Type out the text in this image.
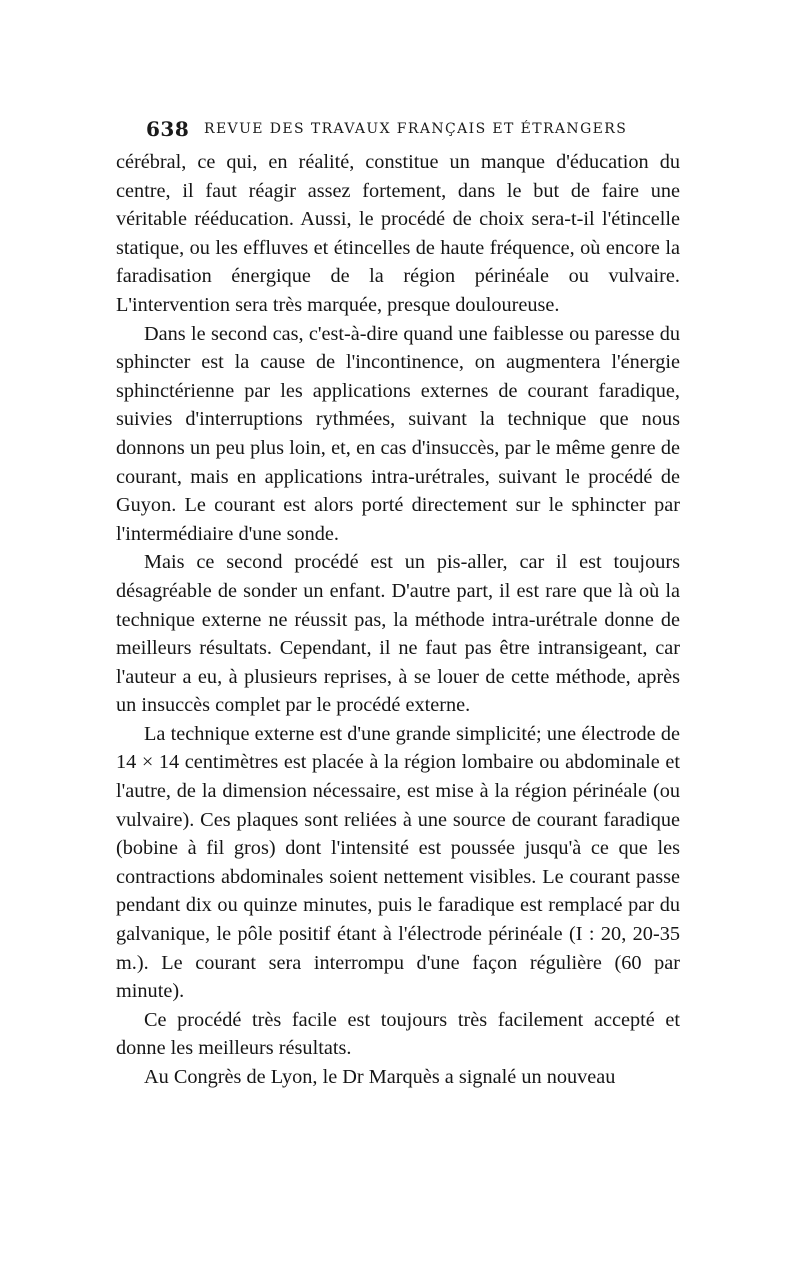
638 REVUE DES TRAVAUX FRANÇAIS ET ÉTRANGERS

cérébral, ce qui, en réalité, constitue un manque d'éducation du centre, il faut réagir assez fortement, dans le but de faire une véritable rééducation. Aussi, le procédé de choix sera-t-il l'étincelle statique, ou les effluves et étincelles de haute fréquence, où encore la faradisation énergique de la région périnéale ou vulvaire. L'intervention sera très marquée, presque douloureuse.

Dans le second cas, c'est-à-dire quand une faiblesse ou paresse du sphincter est la cause de l'incontinence, on augmentera l'énergie sphinctérienne par les applications externes de courant faradique, suivies d'interruptions rythmées, suivant la technique que nous donnons un peu plus loin, et, en cas d'insuccès, par le même genre de courant, mais en applications intra-urétrales, suivant le procédé de Guyon. Le courant est alors porté directement sur le sphincter par l'intermédiaire d'une sonde.

Mais ce second procédé est un pis-aller, car il est toujours désagréable de sonder un enfant. D'autre part, il est rare que là où la technique externe ne réussit pas, la méthode intra-urétrale donne de meilleurs résultats. Cependant, il ne faut pas être intransigeant, car l'auteur a eu, à plusieurs reprises, à se louer de cette méthode, après un insuccès complet par le procédé externe.

La technique externe est d'une grande simplicité; une électrode de 14 × 14 centimètres est placée à la région lombaire ou abdominale et l'autre, de la dimension nécessaire, est mise à la région périnéale (ou vulvaire). Ces plaques sont reliées à une source de courant faradique (bobine à fil gros) dont l'intensité est poussée jusqu'à ce que les contractions abdominales soient nettement visibles. Le courant passe pendant dix ou quinze minutes, puis le faradique est remplacé par du galvanique, le pôle positif étant à l'électrode périnéale (I : 20, 20-35 m.). Le courant sera interrompu d'une façon régulière (60 par minute).

Ce procédé très facile est toujours très facilement accepté et donne les meilleurs résultats.

Au Congrès de Lyon, le Dr Marquès a signalé un nouveau
